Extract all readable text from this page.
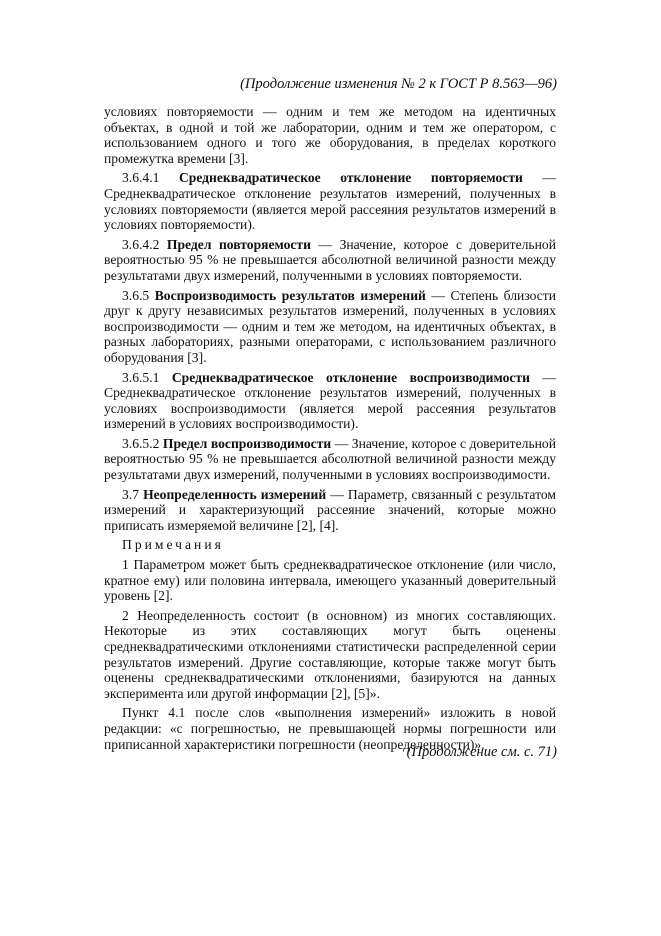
(Продолжение изменения № 2 к ГОСТ Р 8.563—96)

условиях повторяемости — одним и тем же методом на идентичных объектах, в одной и той же лаборатории, одним и тем же оператором, с использованием одного и того же оборудования, в пределах короткого промежутка времени [3].

3.6.4.1 Среднеквадратическое отклонение повторяемости — Среднеквадратическое отклонение результатов измерений, полученных в условиях повторяемости (является мерой рассеяния результатов измерений в условиях повторяемости).

3.6.4.2 Предел повторяемости — Значение, которое с доверительной вероятностью 95 % не превышается абсолютной величиной разности между результатами двух измерений, полученными в условиях повторяемости.

3.6.5 Воспроизводимость результатов измерений — Степень близости друг к другу независимых результатов измерений, полученных в условиях воспроизводимости — одним и тем же методом, на идентичных объектах, в разных лабораториях, разными операторами, с использованием различного оборудования [3].

3.6.5.1 Среднеквадратическое отклонение воспроизводимости — Среднеквадратическое отклонение результатов измерений, полученных в условиях воспроизводимости (является мерой рассеяния результатов измерений в условиях воспроизводимости).

3.6.5.2 Предел воспроизводимости — Значение, которое с доверительной вероятностью 95 % не превышается абсолютной величиной разности между результатами двух измерений, полученными в условиях воспроизводимости.

3.7 Неопределенность измерений — Параметр, связанный с результатом измерений и характеризующий рассеяние значений, которые можно приписать измеряемой величине [2], [4].

Примечания

1 Параметром может быть среднеквадратическое отклонение (или число, кратное ему) или половина интервала, имеющего указанный доверительный уровень [2].

2 Неопределенность состоит (в основном) из многих составляющих. Некоторые из этих составляющих могут быть оценены среднеквадратическими отклонениями статистически распределенной серии результатов измерений. Другие составляющие, которые также могут быть оценены среднеквадратическими отклонениями, базируются на данных эксперимента или другой информации [2], [5]».

Пункт 4.1 после слов «выполнения измерений» изложить в новой редакции: «с погрешностью, не превышающей нормы погрешности или приписанной характеристики погрешности (неопределенности)».

(Продолжение см. с. 71)
